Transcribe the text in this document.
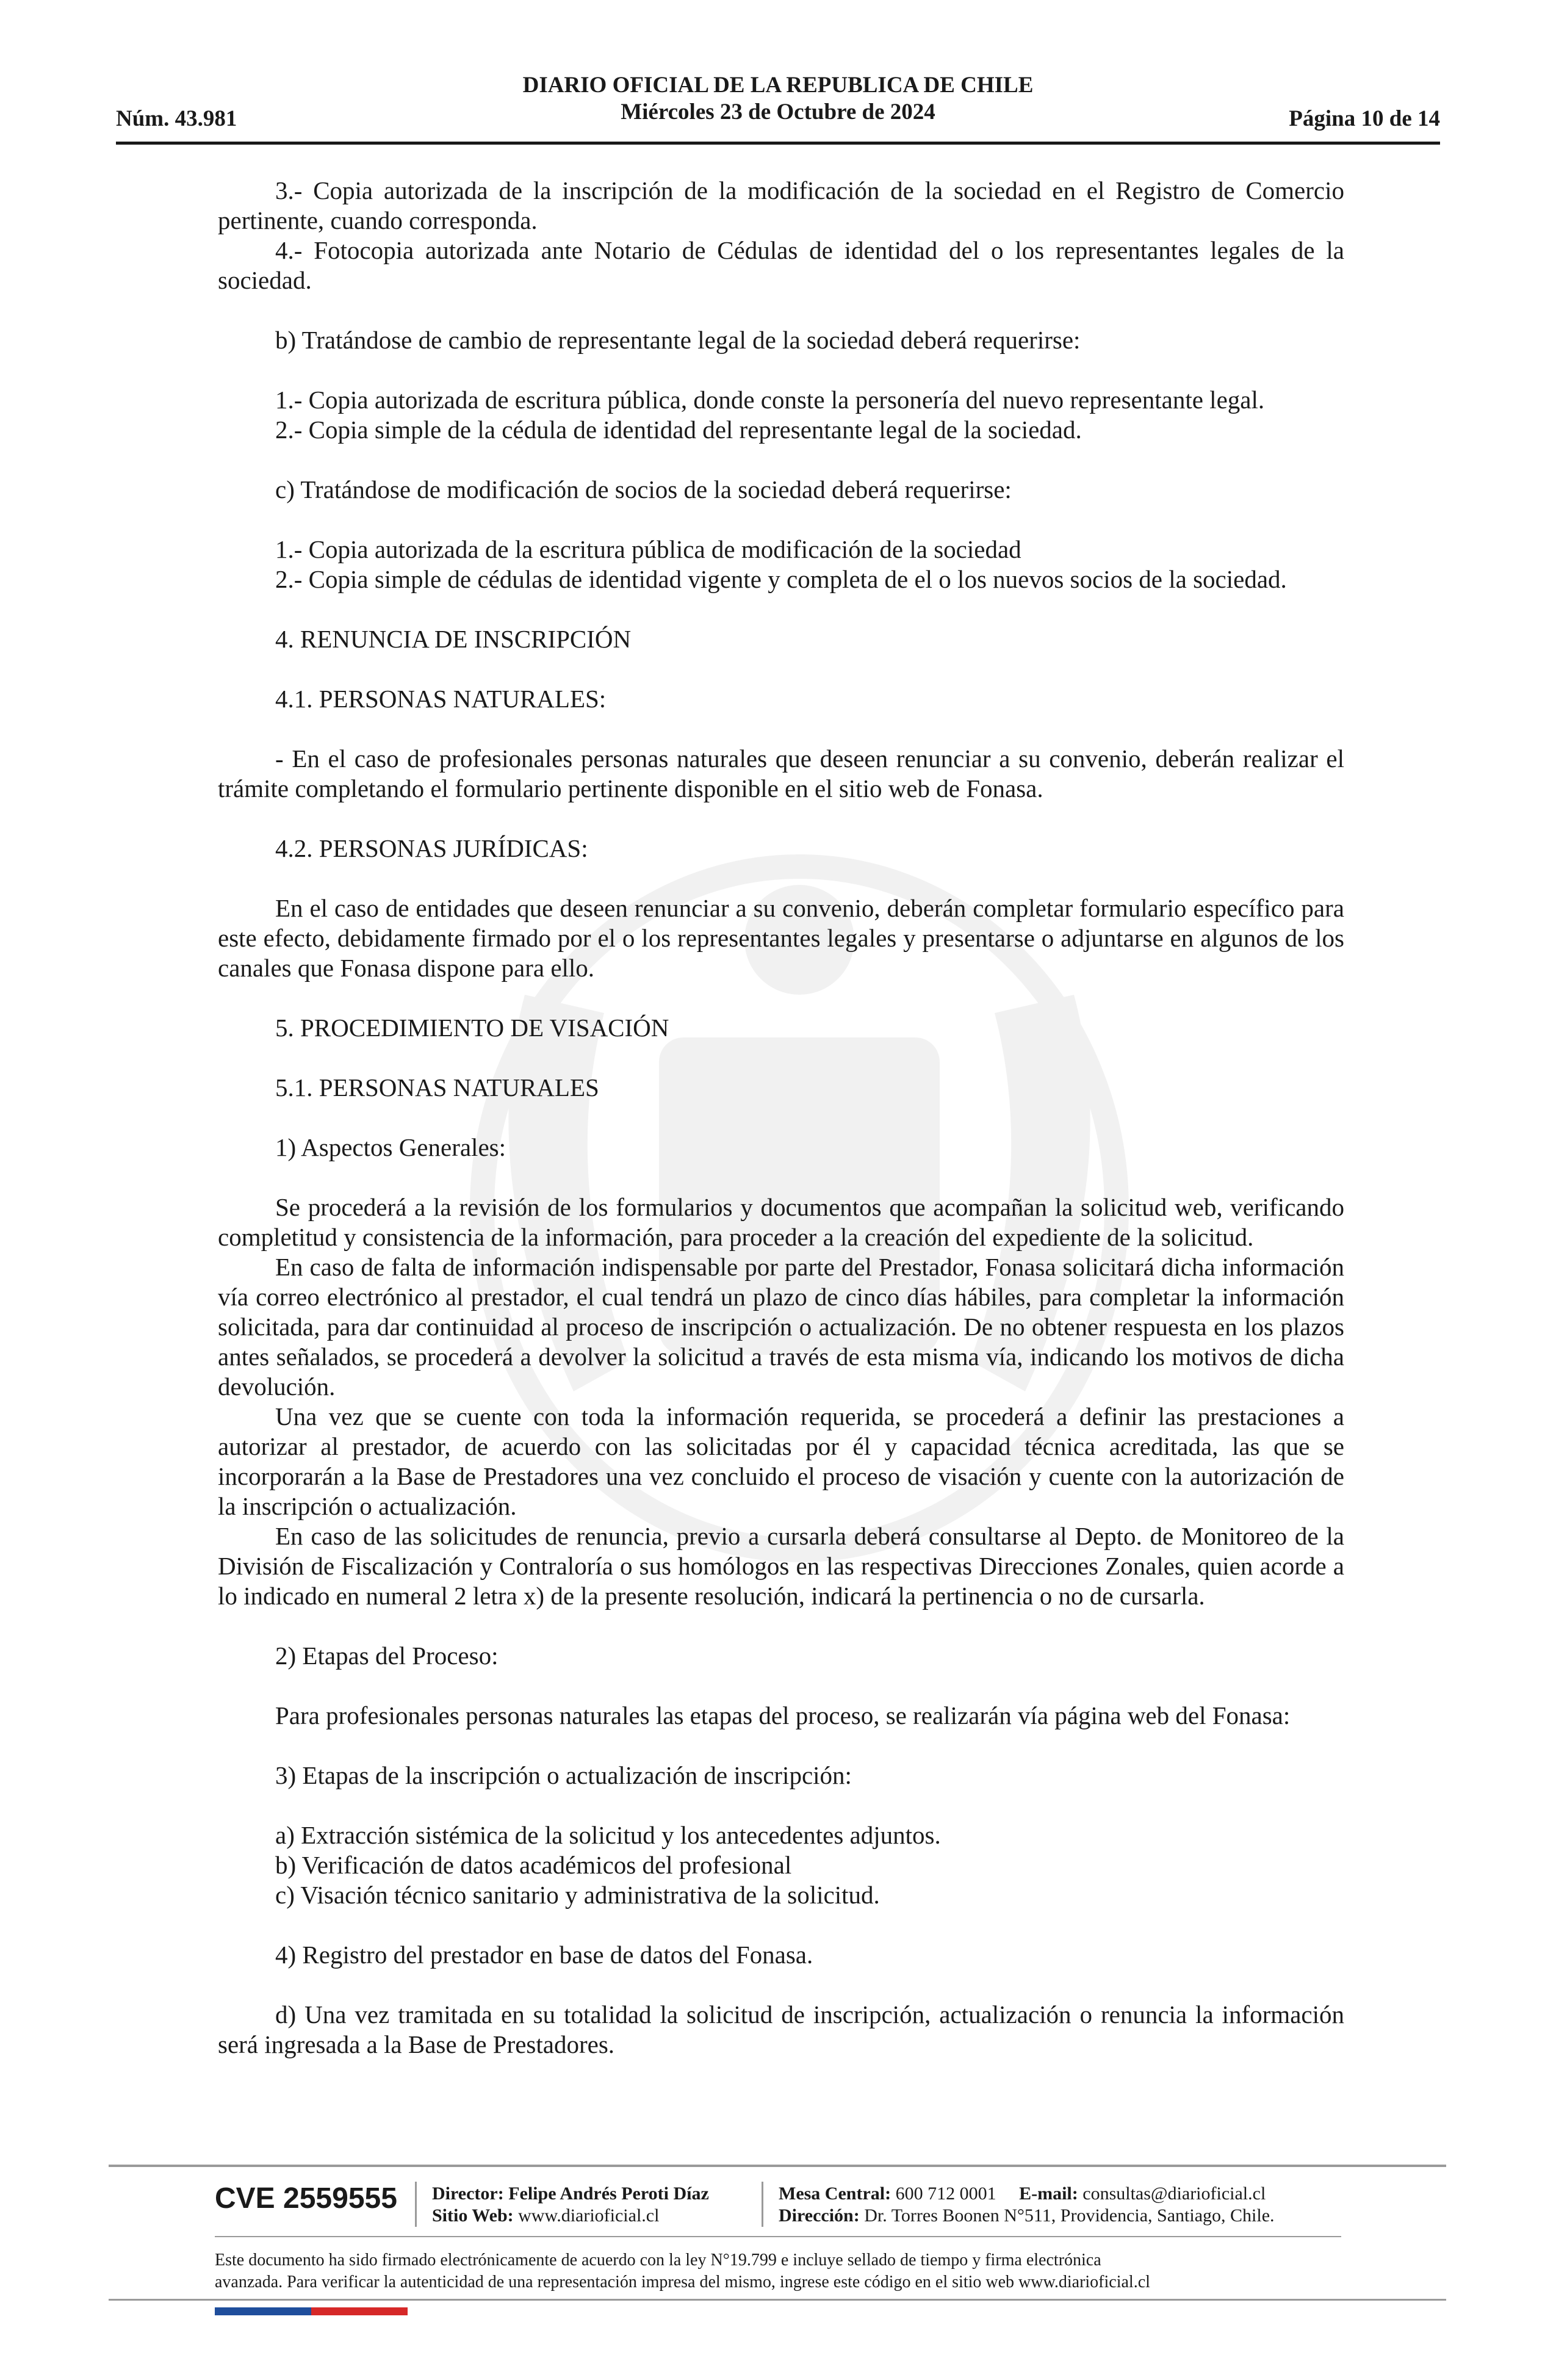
Núm. 43.981

DIARIO OFICIAL DE LA REPUBLICA DE CHILE
Miércoles 23 de Octubre de 2024	Página 10 de 14

3.- Copia autorizada de la inscripción de la modificación de la sociedad en el Registro de Comercio pertinente, cuando corresponda.

4.- Fotocopia autorizada ante Notario de Cédulas de identidad del o los representantes legales de la sociedad.

b) Tratándose de cambio de representante legal de la sociedad deberá requerirse:

1.- Copia autorizada de escritura pública, donde conste la personería del nuevo representante legal.

2.- Copia simple de la cédula de identidad del representante legal de la sociedad.

c) Tratándose de modificación de socios de la sociedad deberá requerirse:

1.- Copia autorizada de la escritura pública de modificación de la sociedad

2.- Copia simple de cédulas de identidad vigente y completa de el o los nuevos socios de la sociedad.

4. RENUNCIA DE INSCRIPCIÓN

4.1. PERSONAS NATURALES:

- En el caso de profesionales personas naturales que deseen renunciar a su convenio, deberán realizar el trámite completando el formulario pertinente disponible en el sitio web de Fonasa.

4.2. PERSONAS JURÍDICAS:

En el caso de entidades que deseen renunciar a su convenio, deberán completar formulario específico para este efecto, debidamente firmado por el o los representantes legales y presentarse o adjuntarse en algunos de los canales que Fonasa dispone para ello.

5. PROCEDIMIENTO DE VISACIÓN

5.1. PERSONAS NATURALES

1) Aspectos Generales:

Se procederá a la revisión de los formularios y documentos que acompañan la solicitud web, verificando completitud y consistencia de la información, para proceder a la creación del expediente de la solicitud.

En caso de falta de información indispensable por parte del Prestador, Fonasa solicitará dicha información vía correo electrónico al prestador, el cual tendrá un plazo de cinco días hábiles, para completar la información solicitada, para dar continuidad al proceso de inscripción o actualización. De no obtener respuesta en los plazos antes señalados, se procederá a devolver la solicitud a través de esta misma vía, indicando los motivos de dicha devolución.

Una vez que se cuente con toda la información requerida, se procederá a definir las prestaciones a autorizar al prestador, de acuerdo con las solicitadas por él y capacidad técnica acreditada, las que se incorporarán a la Base de Prestadores una vez concluido el proceso de visación y cuente con la autorización de la inscripción o actualización.

En caso de las solicitudes de renuncia, previo a cursarla deberá consultarse al Depto. de Monitoreo de la División de Fiscalización y Contraloría o sus homólogos en las respectivas Direcciones Zonales, quien acorde a lo indicado en numeral 2 letra x) de la presente resolución, indicará la pertinencia o no de cursarla.

2) Etapas del Proceso:

Para profesionales personas naturales las etapas del proceso, se realizarán vía página web del Fonasa:

3) Etapas de la inscripción o actualización de inscripción:

a) Extracción sistémica de la solicitud y los antecedentes adjuntos.

b) Verificación de datos académicos del profesional

c) Visación técnico sanitario y administrativa de la solicitud.

4) Registro del prestador en base de datos del Fonasa.

d) Una vez tramitada en su totalidad la solicitud de inscripción, actualización o renuncia la información será ingresada a la Base de Prestadores.

CVE 2559555 Director: Felipe Andrés Peroti Díaz
Sitio Web: www.diarioficial.cl
Mesa Central: 600 712 0001 E-mail: consultas@diarioficial.cl
Dirección: Dr. Torres Boonen N°511, Providencia, Santiago, Chile.
Este documento ha sido firmado electrónicamente de acuerdo con la ley N°19.799 e incluye sellado de tiempo y firma electrónica
avanzada. Para verificar la autenticidad de una representación impresa del mismo, ingrese este código en el sitio web www.diarioficial.cl
